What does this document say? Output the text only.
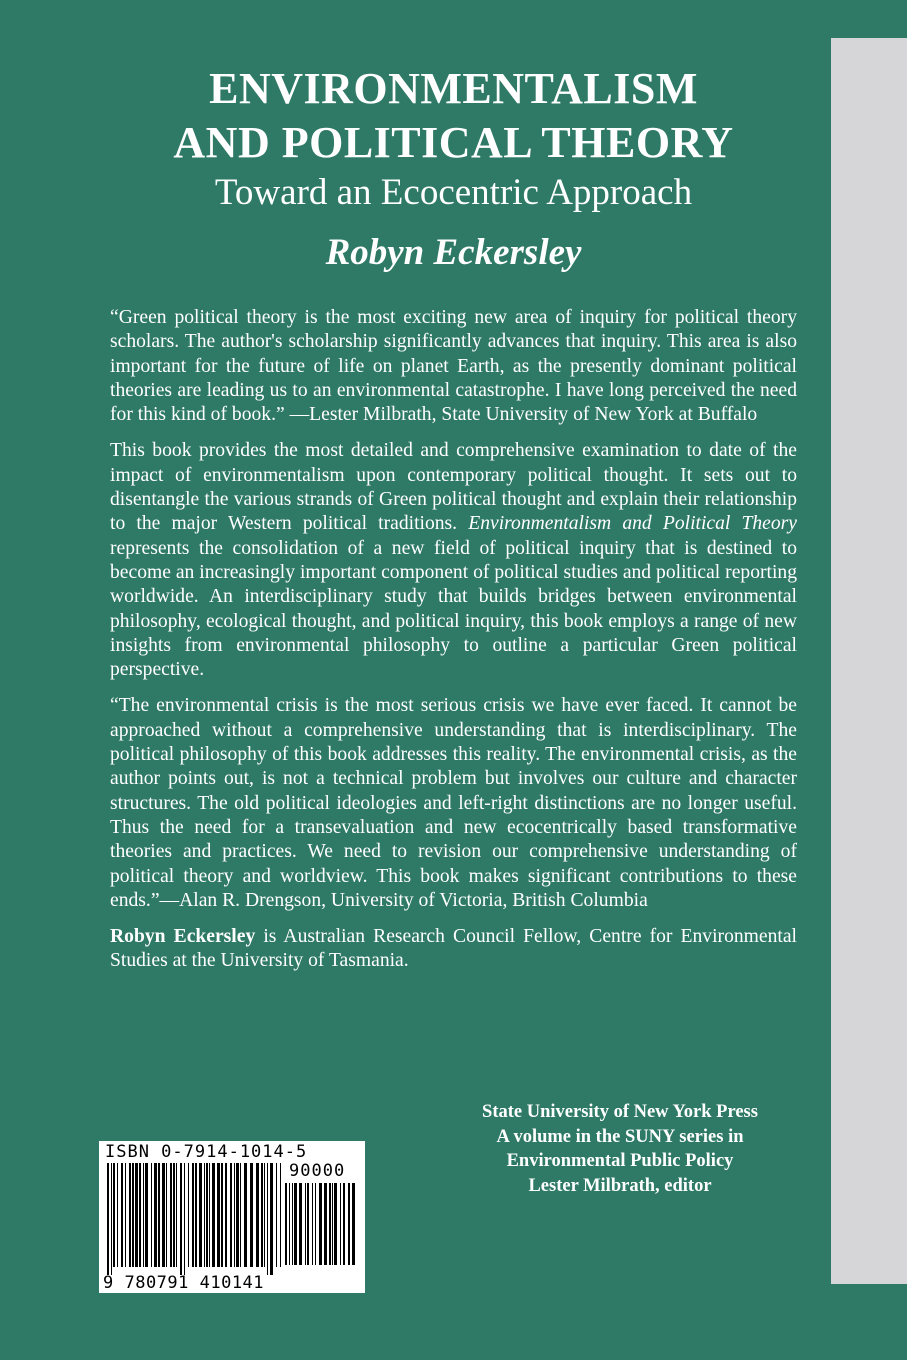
ENVIRONMENTALISM
AND POLITICAL THEORY
Toward an Ecocentric Approach
Robyn Eckersley

“Green political theory is the most exciting new area of inquiry for political theory scholars. The author's scholarship significantly advances that inquiry. This area is also important for the future of life on planet Earth, as the presently dominant political theories are leading us to an environmental catastrophe. I have long perceived the need for this kind of book.” —Lester Milbrath, State University of New York at Buffalo

This book provides the most detailed and comprehensive examination to date of the impact of environmentalism upon contemporary political thought. It sets out to disentangle the various strands of Green political thought and explain their relationship to the major Western political traditions. Environmentalism and Political Theory represents the consolidation of a new field of political inquiry that is destined to become an increasingly important component of political studies and political reporting worldwide. An interdisciplinary study that builds bridges between environmental philosophy, ecological thought, and political inquiry, this book employs a range of new insights from environmental philosophy to outline a particular Green political perspective.

“The environmental crisis is the most serious crisis we have ever faced. It cannot be approached without a comprehensive understanding that is interdisciplinary. The political philosophy of this book addresses this reality. The environmental crisis, as the author points out, is not a technical problem but involves our culture and character structures. The old political ideologies and left-right distinctions are no longer useful. Thus the need for a transevaluation and new ecocentrically based transformative theories and practices. We need to revision our comprehensive understanding of political theory and worldview. This book makes significant contributions to these ends.”—Alan R. Drengson, University of Victoria, British Columbia

Robyn Eckersley is Australian Research Council Fellow, Centre for Environmental Studies at the University of Tasmania.

State University of New York Press
A volume in the SUNY series in
Environmental Public Policy
Lester Milbrath, editor
ISBN 0-7914-1014-5
90000
9 780791 410141
